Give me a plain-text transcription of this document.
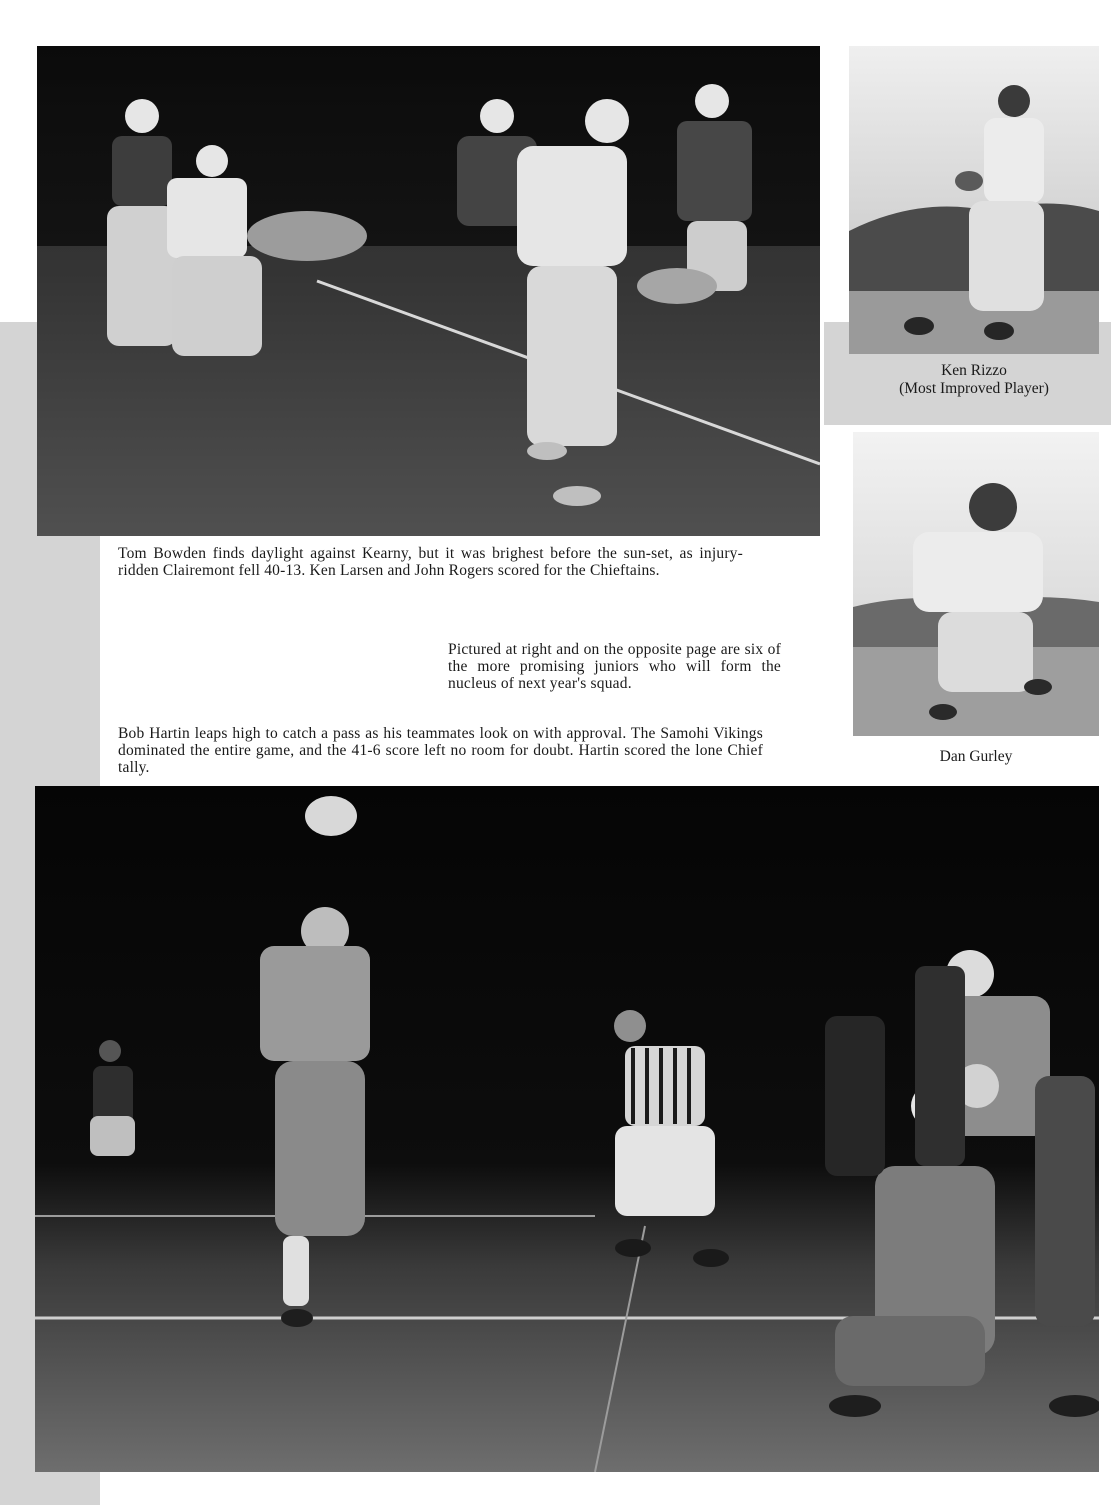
Ken Rizzo
(Most Improved Player)
Dan Gurley

Tom Bowden finds daylight against Kearny, but it was brighest before the sun-set, as injury-ridden Clairemont fell 40-13. Ken Larsen and John Rogers scored for the Chieftains.

Pictured at right and on the opposite page are six of the more promising juniors who will form the nucleus of next year's squad.

Bob Hartin leaps high to catch a pass as his teammates look on with approval. The Samohi Vikings dominated the entire game, and the 41-6 score left no room for doubt. Hartin scored the lone Chief tally.
